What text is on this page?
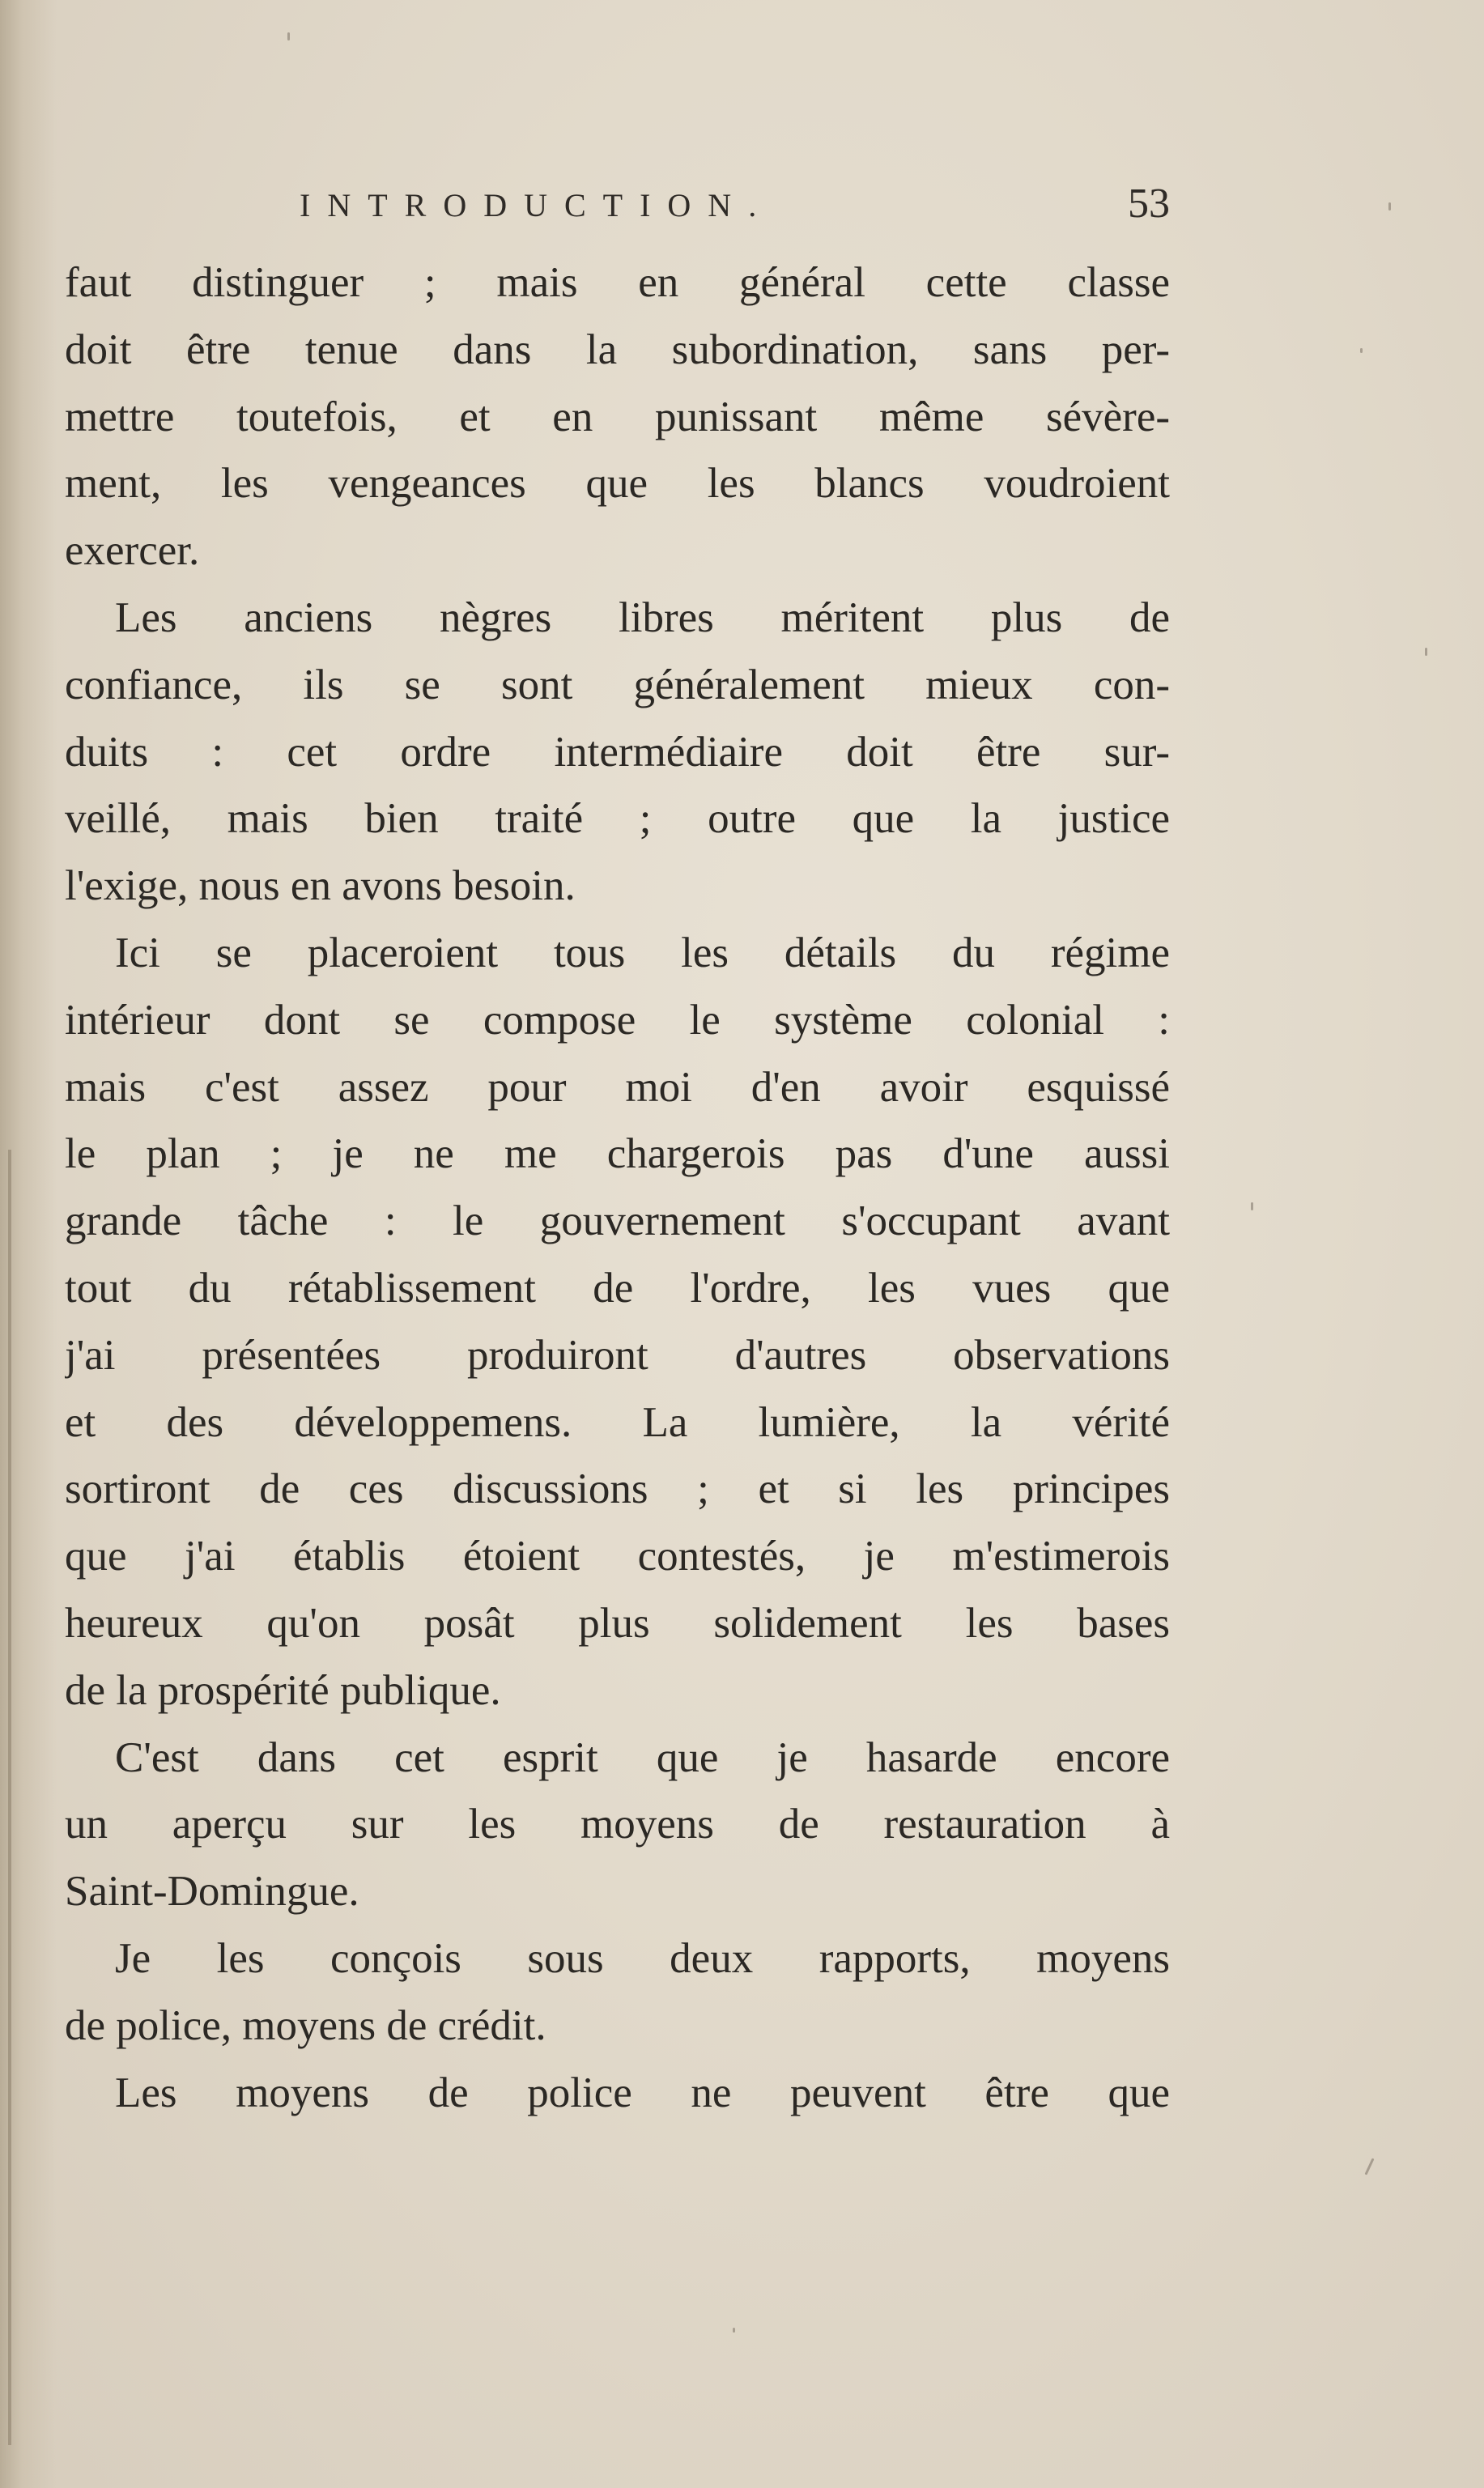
INTRODUCTION.	53
faut distinguer ; mais en général cette classe
doit être tenue dans la subordination, sans per-
mettre toutefois, et en punissant même sévère-
ment, les vengeances que les blancs voudroient
exercer.
Les anciens nègres libres méritent plus de
confiance, ils se sont généralement mieux con-
duits : cet ordre intermédiaire doit être sur-
veillé, mais bien traité ; outre que la justice
l'exige, nous en avons besoin.
Ici se placeroient tous les détails du régime
intérieur dont se compose le système colonial :
mais c'est assez pour moi d'en avoir esquissé
le plan ; je ne me chargerois pas d'une aussi
grande tâche : le gouvernement s'occupant avant
tout du rétablissement de l'ordre, les vues que
j'ai présentées produiront d'autres observations
et des développemens. La lumière, la vérité
sortiront de ces discussions ; et si les principes
que j'ai établis étoient contestés, je m'estimerois
heureux qu'on posât plus solidement les bases
de la prospérité publique.
C'est dans cet esprit que je hasarde encore
un aperçu sur les moyens de restauration à
Saint-Domingue.
Je les conçois sous deux rapports, moyens
de police, moyens de crédit.
Les moyens de police ne peuvent être que
